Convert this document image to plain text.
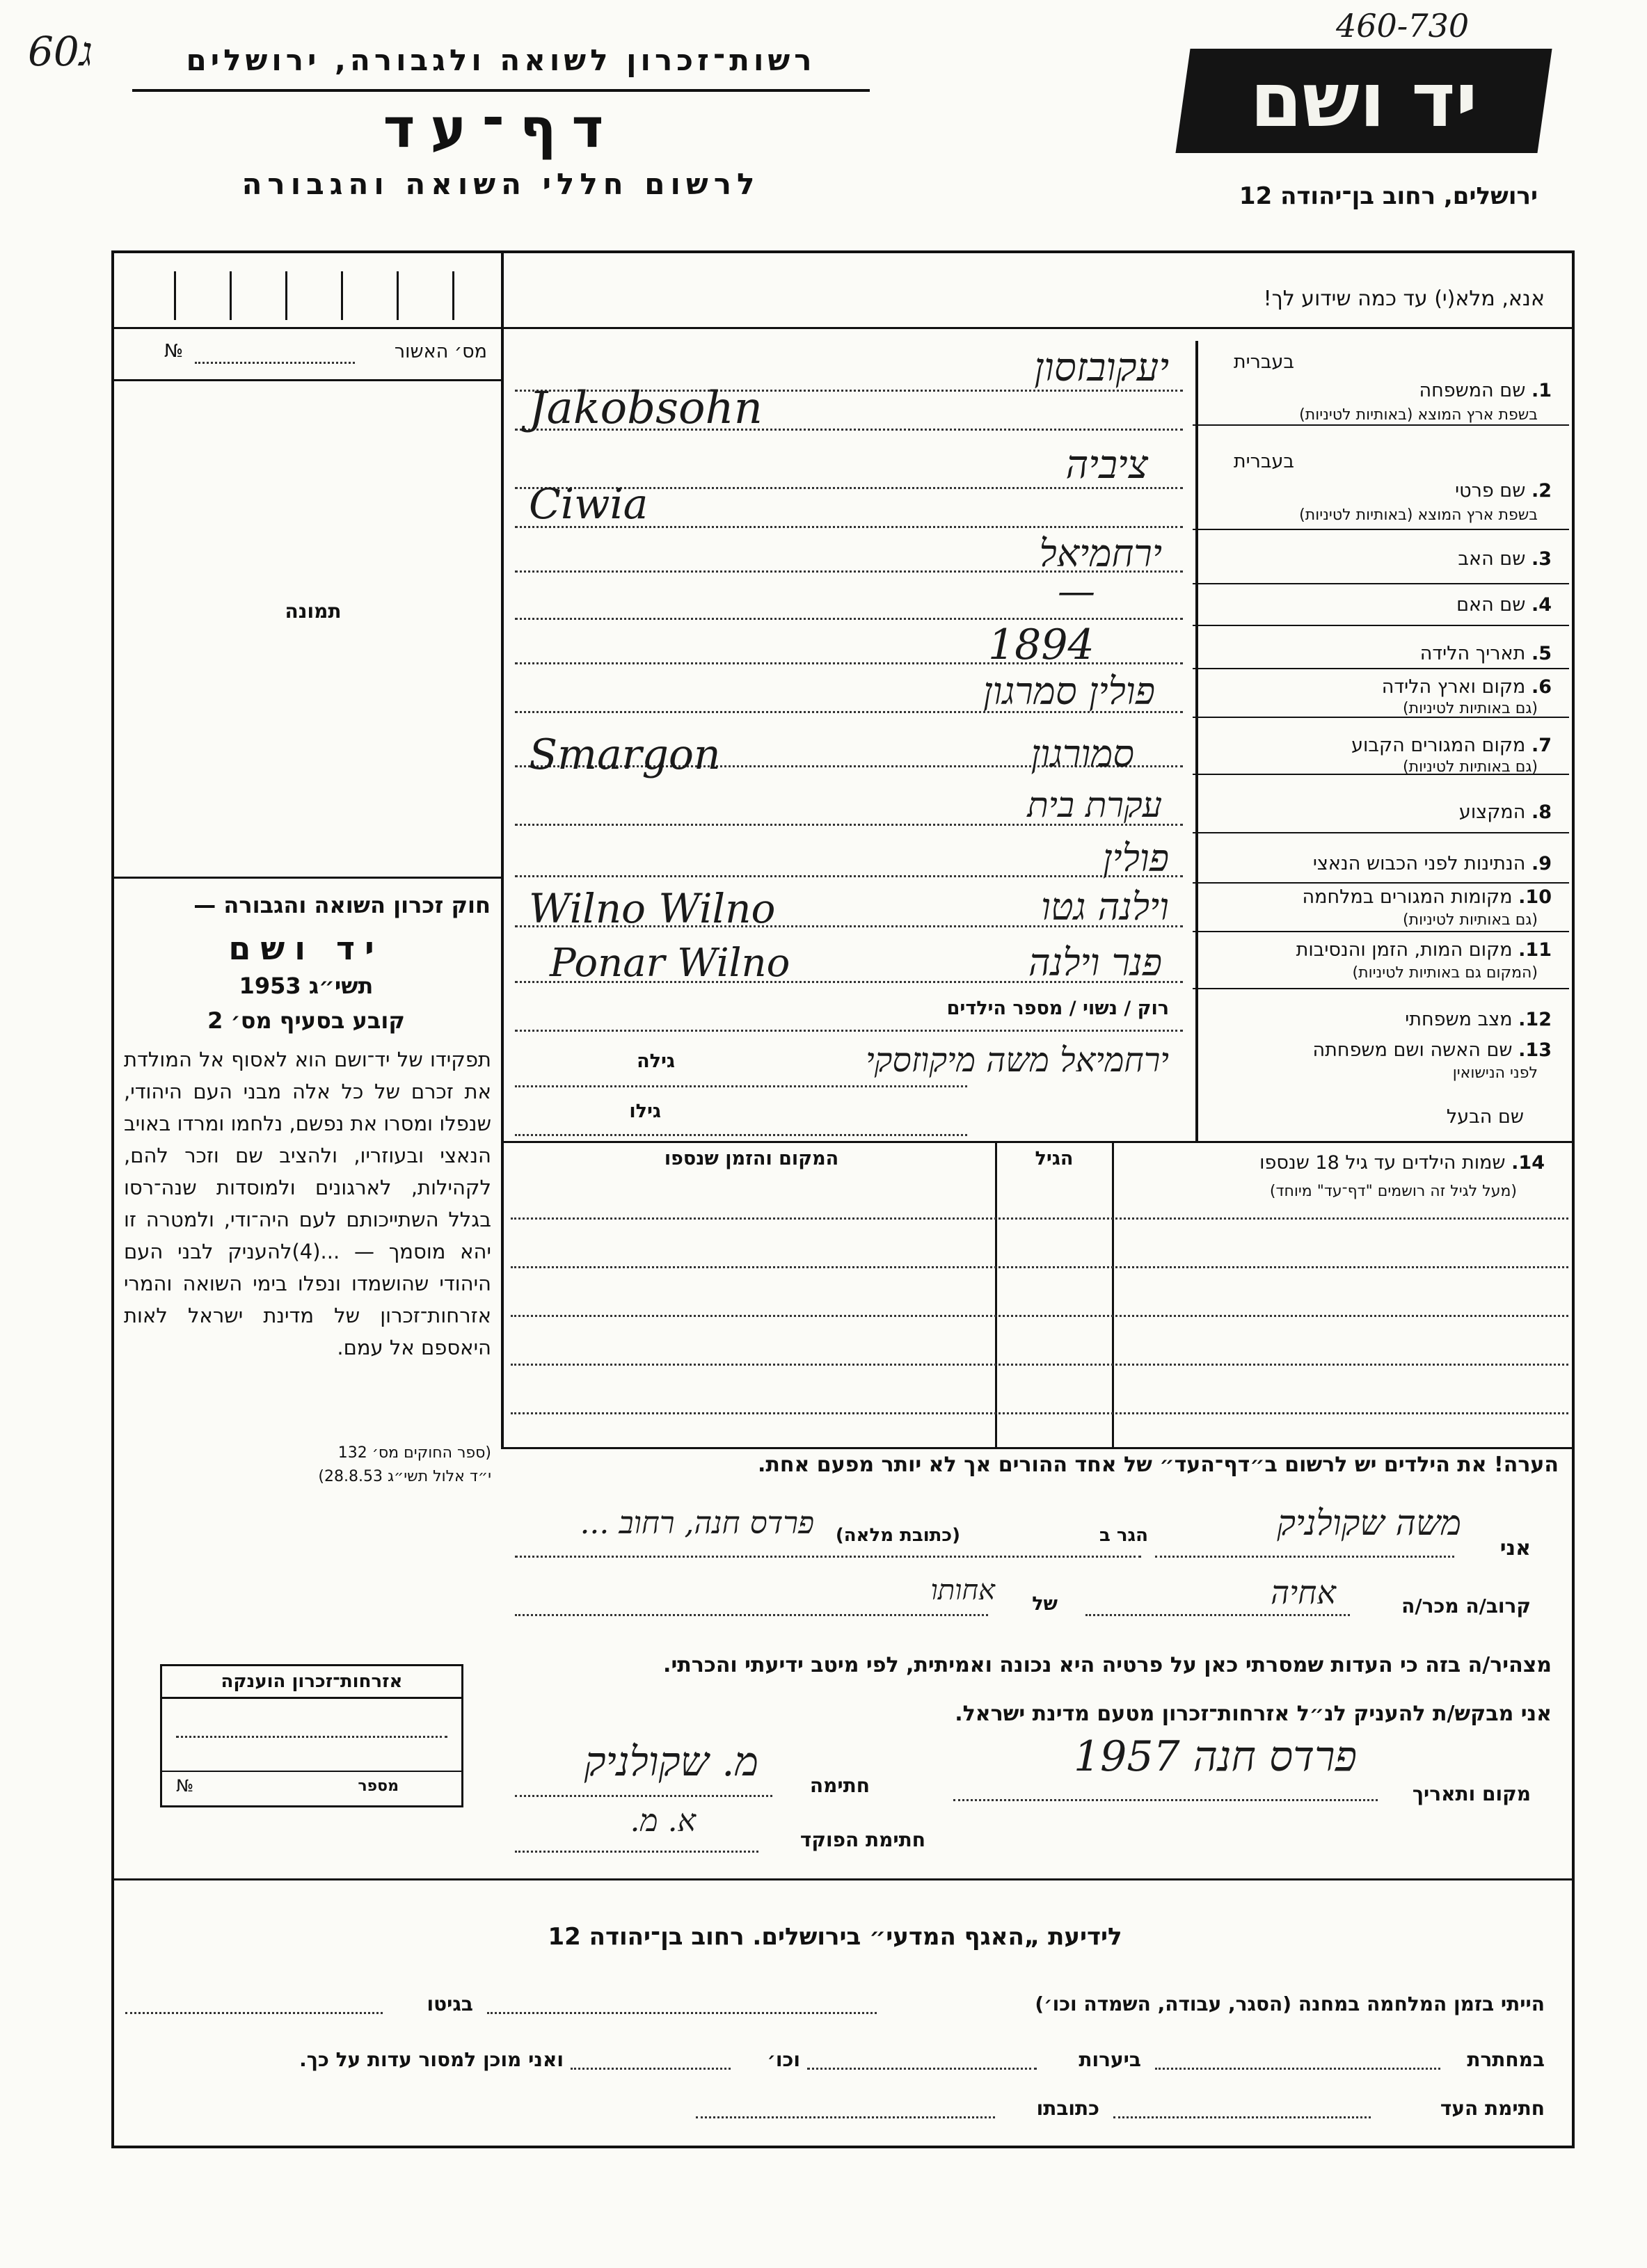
60ג
460-730
רשות־זכרון לשואה ולגבורה, ירושלים
דף־עד
לרשום חללי השואה והגבורה
יד ושם
ירושלים, רחוב בן־יהודה 12
אנא, מלא(י) עד כמה שידוע לך!
מס׳ האשור
№
תמונה
חוק זכרון השואה והגבורה —
יד ושם
תשי״ג 1953
קובע בסעיף מס׳ 2
תפקידו של יד־ושם הוא לאסוף אל המולדת את זכרם של כל אלה מבני העם היהודי, שנפלו ומסרו את נפשם, נלחמו ומרדו באויב הנאצי ובעוזריו, ולהציב שם וזכר להם, לקהילות, לארגונים ולמוסדות שנה־רסו בגלל השתייכותם לעם היה־ודי, ולמטרה זו יהא מוסמך — ...(4)להעניק לבני העם היהודי שהושמדו ונפלו בימי השואה והמרי אזרחות־זכרון של מדינת ישראל לאות היאספם אל עמם.
(ספר החוקים מס׳ 132
י״ד אלול תשי״ג 28.8.53)
בעברית
1. שם המשפחה
בשפת ארץ המוצא (באותיות לטיניות)
יעקובזסון
Jakobsohn
בעברית
2. שם פרטי
בשפת ארץ המוצא (באותיות לטיניות)
ציביה
Ciwia
3. שם האב
ירחמיאל
4. שם האם
—
5. תאריך הלידה
1894
6. מקום וארץ הלידה
(גם באותיות לטיניות)
פולין סמרגון
7. מקום המגורים הקבוע
(גם באותיות לטיניות)
סמורגון
Smargon
8. המקצוע
עקרת בית
9. הנתינות לפני הכבוש הנאצי
פולין
10. מקומות המגורים במלחמה
(גם באותיות לטיניות)
וילנה גטו
Wilno Wilno
11. מקום המות, הזמן והנסיבות
(המקום גם באותיות לטיניות)
פנר וילנה
Ponar Wilno
12. מצב משפחתי
רוק / נשוי / מספר הילדים
13. שם האשה ושם משפחתה
לפני הנישואין
ירחמיאל משה מיקוזסקי
גילה
שם הבעל
גילו
14. שמות הילדים עד גיל 18 שנספו
(מעל לגיל זה רושמים "דף־עד" מיוחד)
הגיל
המקום והזמן שנספו
הערה! את הילדים יש לרשום ב״דף־העד״ של אחד ההורים אך לא יותר מפעם אחת.
אני
משה שקולניק
הגר ב
(כתובת מלאה)
פרדס חנה, רחוב ...
קרוב/ה מכר/ה
אחיה
של
אחותו
מצהיר/ה בזה כי העדות שמסרתי כאן על פרטיה היא נכונה ואמיתית, לפי מיטב ידיעתי והכרתי.
אני מבקש/ת להעניק לנ״ל אזרחות־זכרון מטעם מדינת ישראל.
מקום ותאריך
פרדס חנה 1957
חתימה
מ. שקולניק
חתימת הפוקד
א. מ.
אזרחות־זכרון הוענקה
מספר
№
לידיעת „האגף המדעי״ בירושלים. רחוב בן־יהודה 12
הייתי בזמן המלחמה במחנה (הסגר, עבודה, השמדה וכו׳)
בגיטו
במחתרת
ביערות
וכו׳
ואני מוכן למסור עדות על כך.
חתימת העד
כתובתו
